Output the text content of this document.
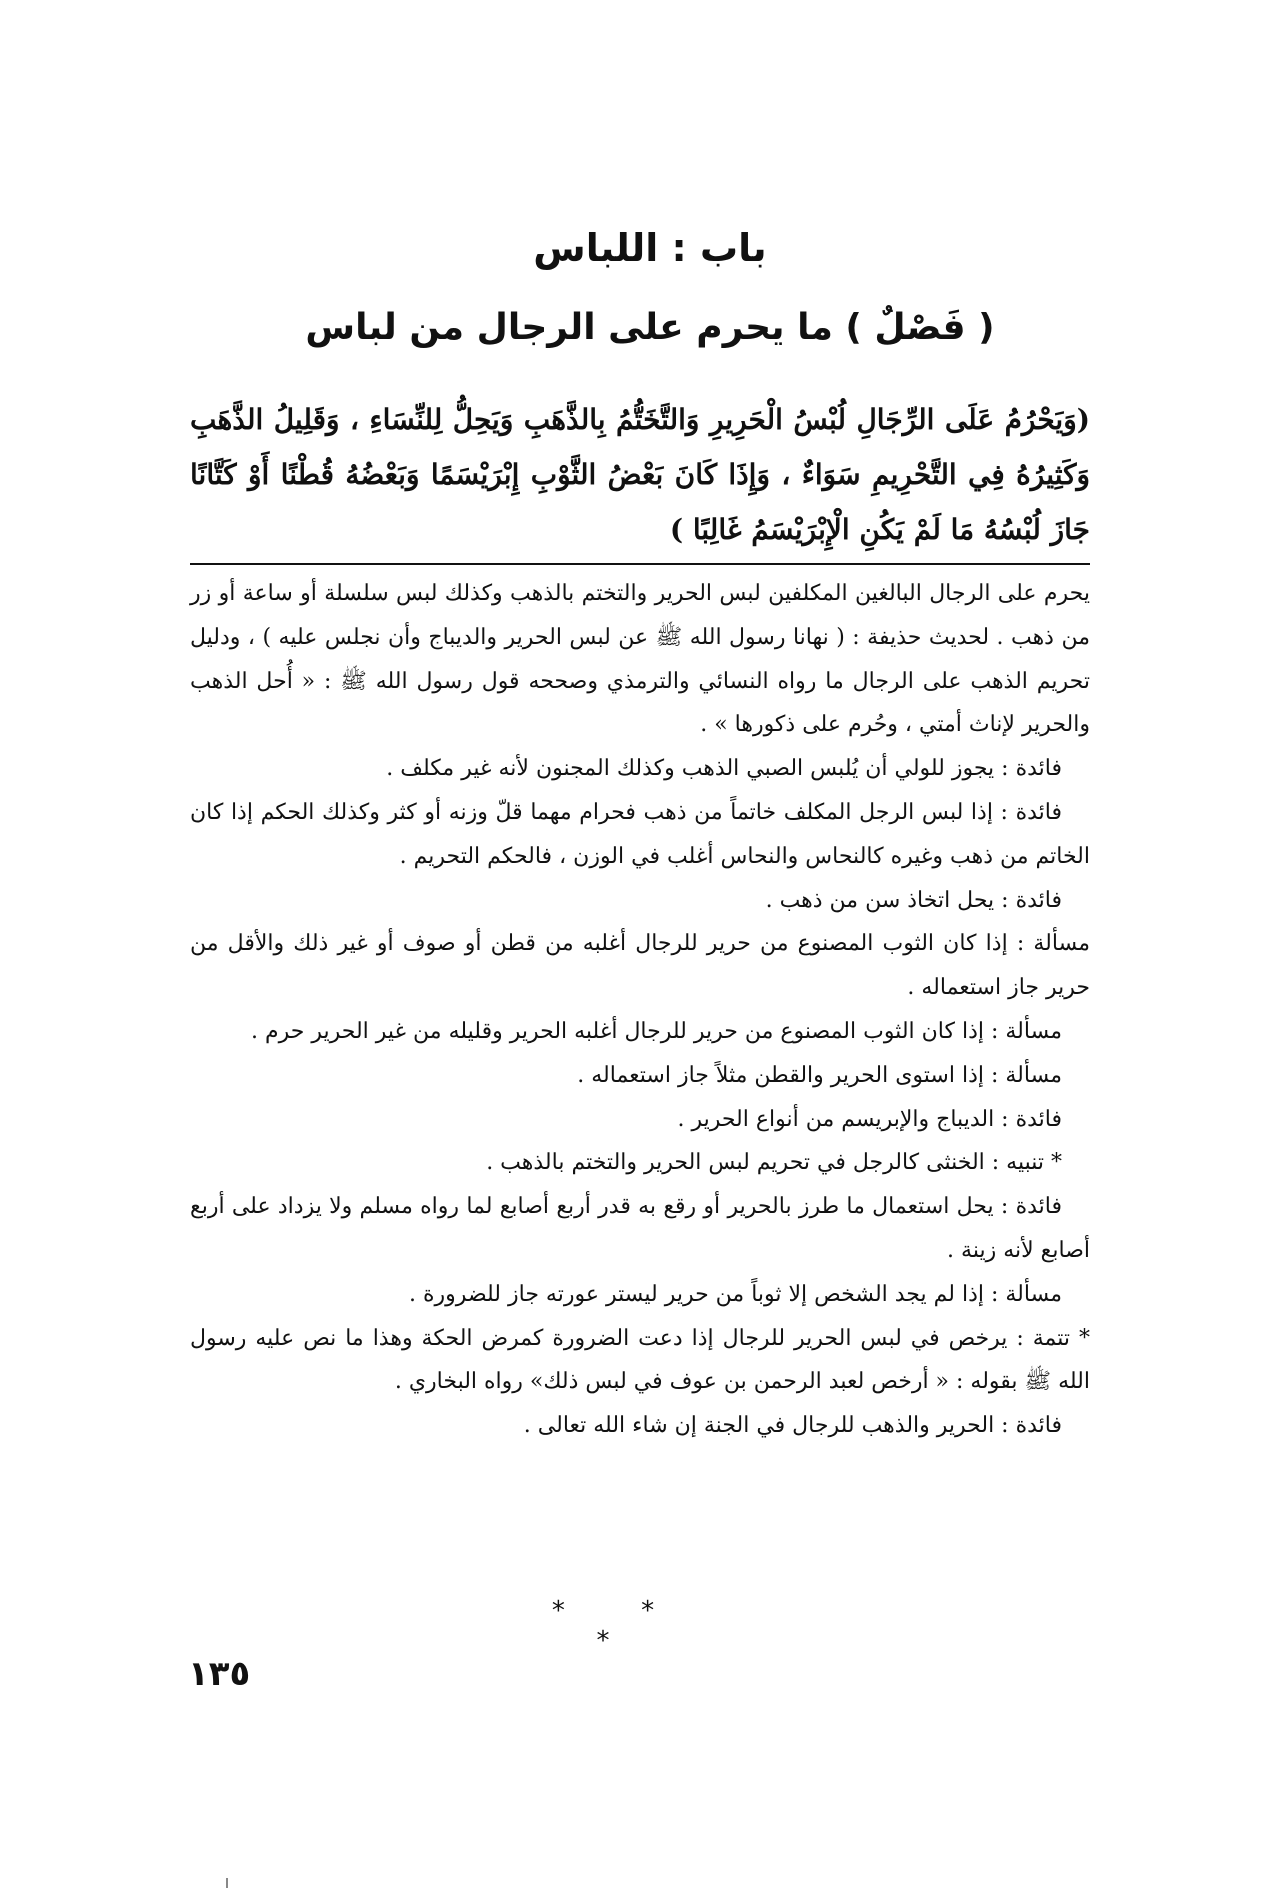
باب : اللباس
( فَصْلٌ ) ما يحرم على الرجال من لباس

(وَيَحْرُمُ عَلَى الرِّجَالِ لُبْسُ الْحَرِيرِ وَالتَّخَتُّمُ بِالذَّهَبِ وَيَحِلُّ لِلنِّسَاءِ ، وَقَلِيلُ الذَّهَبِ وَكَثِيرُهُ فِي التَّحْرِيمِ سَوَاءٌ ، وَإِذَا كَانَ بَعْضُ الثَّوْبِ إِبْرَيْسَمًا وَبَعْضُهُ قُطْنًا أَوْ كَتَّانًا جَازَ لُبْسُهُ مَا لَمْ يَكُنِ الْإِبْرَيْسَمُ غَالِبًا )

يحرم على الرجال البالغين المكلفين لبس الحرير والتختم بالذهب وكذلك لبس سلسلة أو ساعة أو زر من ذهب . لحديث حذيفة : ( نهانا رسول الله ﷺ عن لبس الحرير والديباج وأن نجلس عليه ) ، ودليل تحريم الذهب على الرجال ما رواه النسائي والترمذي وصححه قول رسول الله ﷺ : « أُحل الذهب والحرير لإناث أمتي ، وحُرم على ذكورها » .

فائدة : يجوز للولي أن يُلبس الصبي الذهب وكذلك المجنون لأنه غير مكلف .

فائدة : إذا لبس الرجل المكلف خاتماً من ذهب فحرام مهما قلّ وزنه أو كثر وكذلك الحكم إذا كان الخاتم من ذهب وغيره كالنحاس والنحاس أغلب في الوزن ، فالحكم التحريم .

فائدة : يحل اتخاذ سن من ذهب .

مسألة : إذا كان الثوب المصنوع من حرير للرجال أغلبه من قطن أو صوف أو غير ذلك والأقل من حرير جاز استعماله .

مسألة : إذا كان الثوب المصنوع من حرير للرجال أغلبه الحرير وقليله من غير الحرير حرم .

مسألة : إذا استوى الحرير والقطن مثلاً جاز استعماله .

فائدة : الديباج والإبريسم من أنواع الحرير .

* تنبيه : الخنثى كالرجل في تحريم لبس الحرير والتختم بالذهب .

فائدة : يحل استعمال ما طرز بالحرير أو رقع به قدر أربع أصابع لما رواه مسلم ولا يزداد على أربع أصابع لأنه زينة .

مسألة : إذا لم يجد الشخص إلا ثوباً من حرير ليستر عورته جاز للضرورة .

* تتمة : يرخص في لبس الحرير للرجال إذا دعت الضرورة كمرض الحكة وهذا ما نص عليه رسول الله ﷺ بقوله : « أرخص لعبد الرحمن بن عوف في لبس ذلك» رواه البخاري .

فائدة : الحرير والذهب للرجال في الجنة إن شاء الله تعالى .

* * *
١٣٥
